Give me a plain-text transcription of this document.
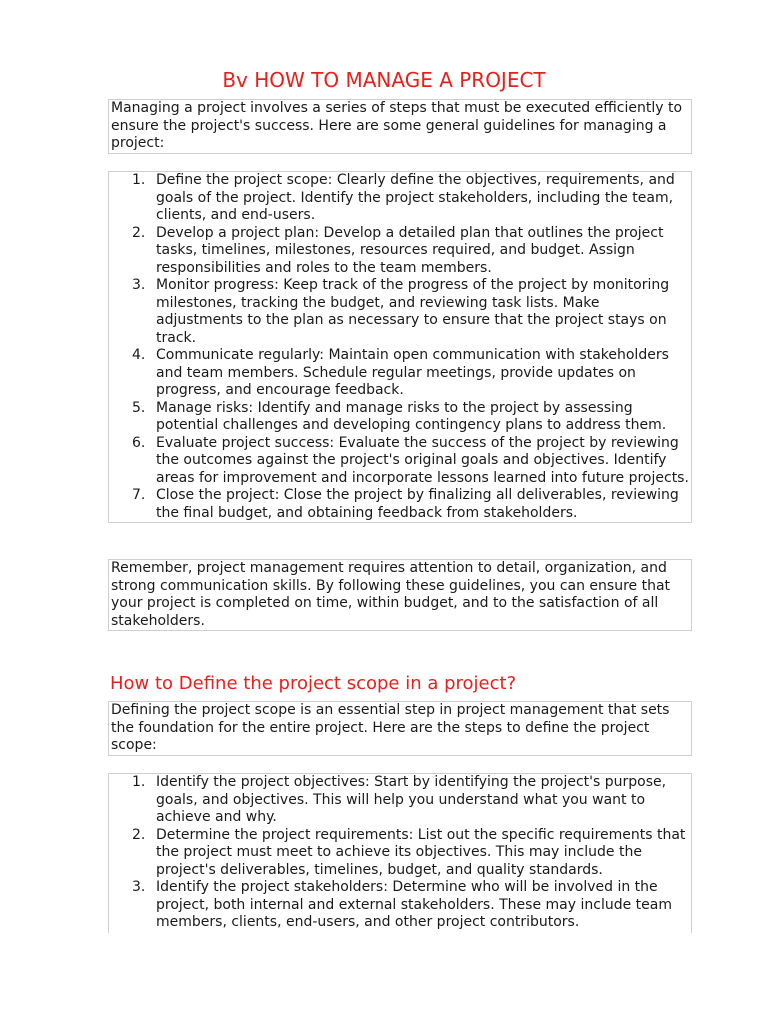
Bv HOW TO MANAGE A PROJECT

Managing a project involves a series of steps that must be executed efficiently to ensure the project's success. Here are some general guidelines for managing a project:

1. Define the project scope: Clearly define the objectives, requirements, and goals of the project. Identify the project stakeholders, including the team, clients, and end-users.
2. Develop a project plan: Develop a detailed plan that outlines the project tasks, timelines, milestones, resources required, and budget. Assign responsibilities and roles to the team members.
3. Monitor progress: Keep track of the progress of the project by monitoring milestones, tracking the budget, and reviewing task lists. Make adjustments to the plan as necessary to ensure that the project stays on track.
4. Communicate regularly: Maintain open communication with stakeholders and team members. Schedule regular meetings, provide updates on progress, and encourage feedback.
5. Manage risks: Identify and manage risks to the project by assessing potential challenges and developing contingency plans to address them.
6. Evaluate project success: Evaluate the success of the project by reviewing the outcomes against the project's original goals and objectives. Identify areas for improvement and incorporate lessons learned into future projects.
7. Close the project: Close the project by finalizing all deliverables, reviewing the final budget, and obtaining feedback from stakeholders.

Remember, project management requires attention to detail, organization, and strong communication skills. By following these guidelines, you can ensure that your project is completed on time, within budget, and to the satisfaction of all stakeholders.

How to Define the project scope in a project?

Defining the project scope is an essential step in project management that sets the foundation for the entire project. Here are the steps to define the project scope:

1. Identify the project objectives: Start by identifying the project's purpose, goals, and objectives. This will help you understand what you want to achieve and why.
2. Determine the project requirements: List out the specific requirements that the project must meet to achieve its objectives. This may include the project's deliverables, timelines, budget, and quality standards.
3. Identify the project stakeholders: Determine who will be involved in the project, both internal and external stakeholders. These may include team members, clients, end-users, and other project contributors.
